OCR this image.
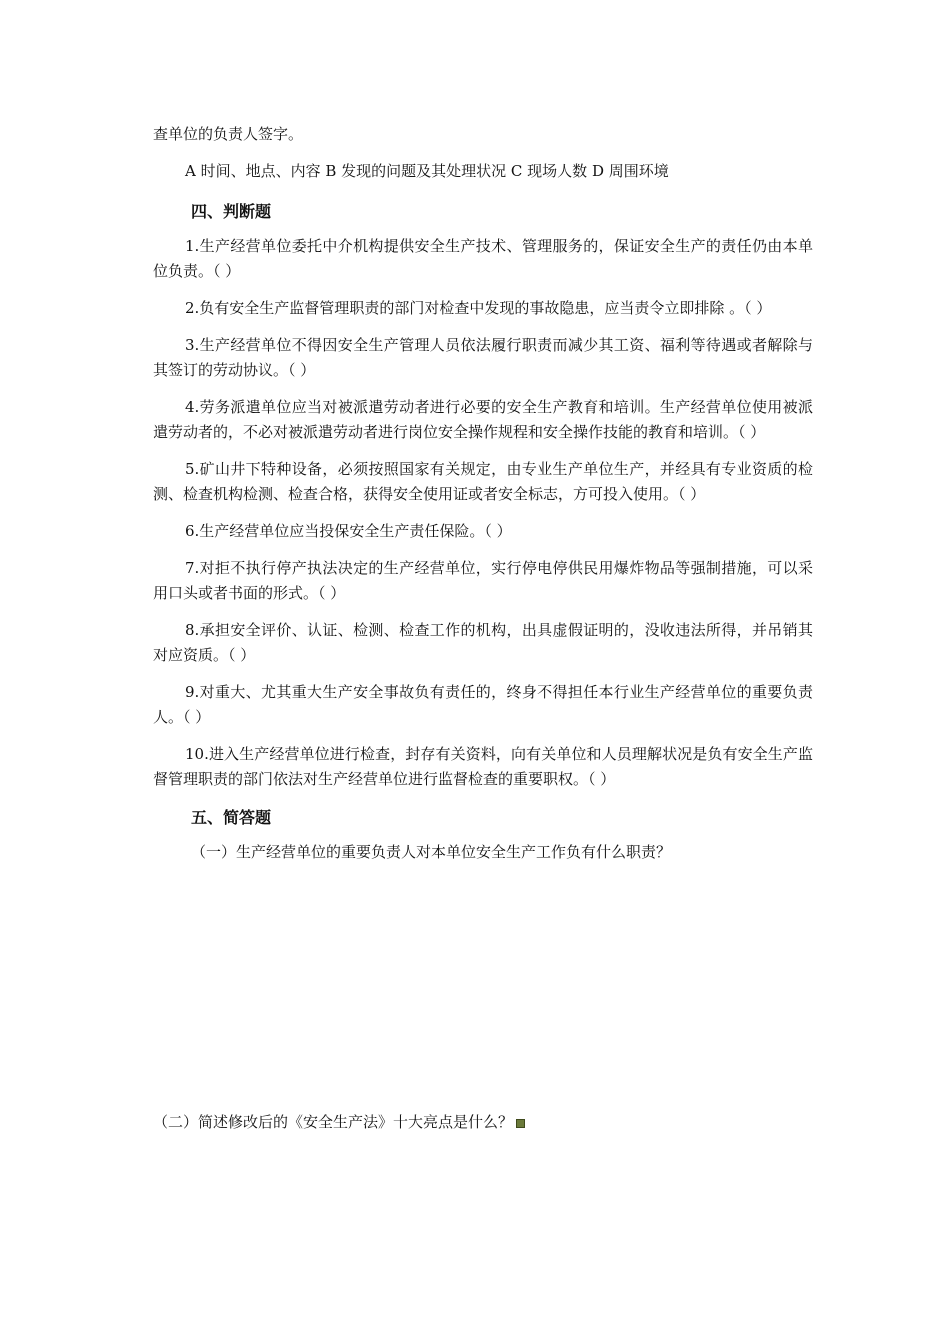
查单位的负责人签字。

A 时间、地点、内容 B 发现的问题及其处理状况 C 现场人数 D 周围环境

四、判断题

1.生产经营单位委托中介机构提供安全生产技术、管理服务的，保证安全生产的责任仍由本单位负责。（ ）

2.负有安全生产监督管理职责的部门对检查中发现的事故隐患，应当责令立即排除 。（ ）

3.生产经营单位不得因安全生产管理人员依法履行职责而减少其工资、福利等待遇或者解除与其签订的劳动协议。（ ）

4.劳务派遣单位应当对被派遣劳动者进行必要的安全生产教育和培训。生产经营单位使用被派遣劳动者的，不必对被派遣劳动者进行岗位安全操作规程和安全操作技能的教育和培训。（ ）

5.矿山井下特种设备，必须按照国家有关规定，由专业生产单位生产，并经具有专业资质的检测、检查机构检测、检查合格，获得安全使用证或者安全标志，方可投入使用。（ ）

6.生产经营单位应当投保安全生产责任保险。（ ）

7.对拒不执行停产执法决定的生产经营单位，实行停电停供民用爆炸物品等强制措施，可以采用口头或者书面的形式。（ ）

8.承担安全评价、认证、检测、检查工作的机构，出具虚假证明的，没收违法所得，并吊销其对应资质。（ ）

9.对重大、尤其重大生产安全事故负有责任的，终身不得担任本行业生产经营单位的重要负责人。（ ）

10.进入生产经营单位进行检查，封存有关资料，向有关单位和人员理解状况是负有安全生产监督管理职责的部门依法对生产经营单位进行监督检查的重要职权。（ ）

五、简答题

（一）生产经营单位的重要负责人对本单位安全生产工作负有什么职责？

（二）简述修改后的《安全生产法》十大亮点是什么？
